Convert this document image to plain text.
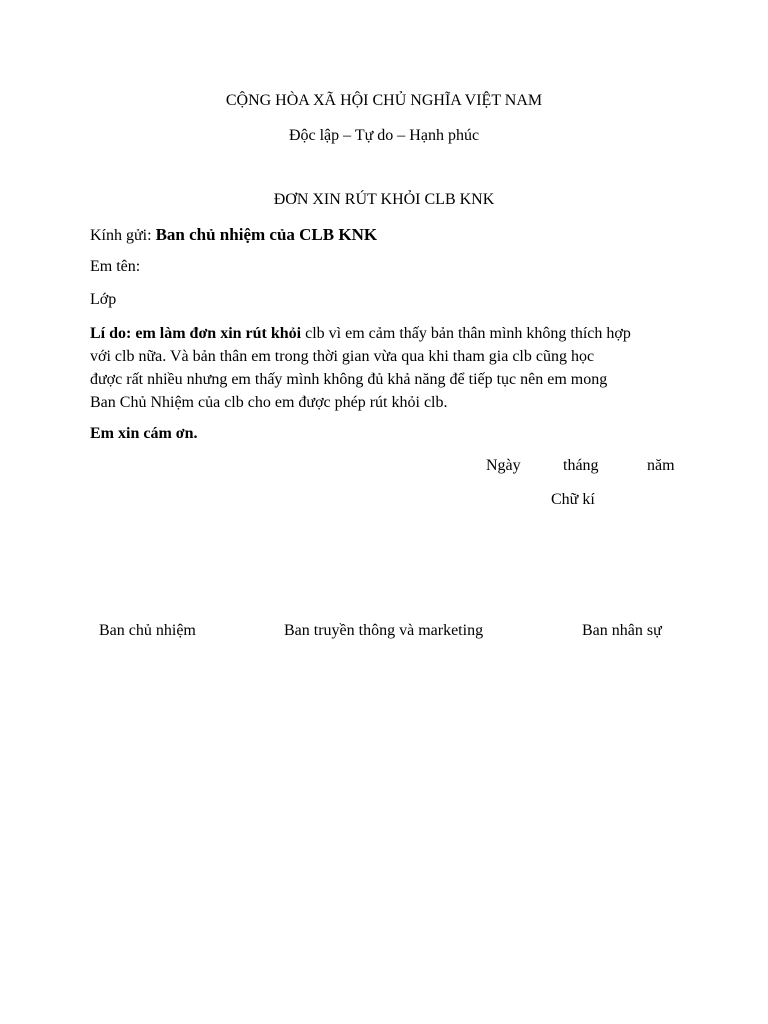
CỘNG HÒA XÃ HỘI CHỦ NGHĨA VIỆT NAM
Độc lập – Tự do – Hạnh phúc
ĐƠN XIN RÚT KHỎI CLB KNK
Kính gửi: Ban chủ nhiệm của CLB KNK
Em tên:
Lớp
Lí do: em làm đơn xin rút khỏi clb vì em cảm thấy bản thân mình không thích hợp
với clb nữa. Và bản thân em trong thời gian vừa qua khi tham gia clb cũng học
được rất nhiều nhưng em thấy mình không đủ khả năng để tiếp tục nên em mong
Ban Chủ Nhiệm của clb cho em được phép rút khỏi clb.
Em xin cám ơn.
Ngày	tháng	năm
Chữ kí
Ban chủ nhiệm	Ban truyền thông và marketing	Ban nhân sự
